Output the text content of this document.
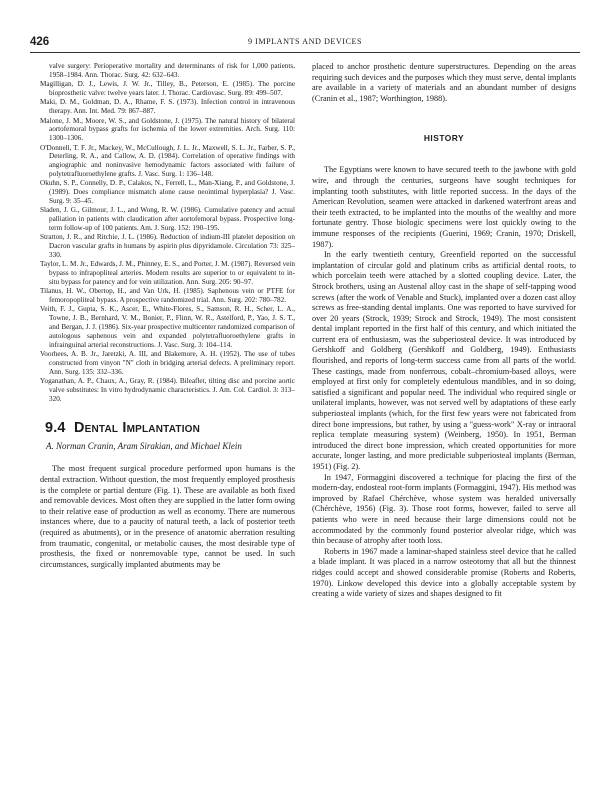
426	9 IMPLANTS AND DEVICES
valve surgery: Perioperative mortality and determinants of risk for 1,000 patients, 1958–1984. Ann. Thorac. Surg. 42: 632–643.
Magilligan, D. J., Lewis, J. W. Jr., Tilley, B., Peterson, E. (1985). The porcine bioprosthetic valve: twelve years later. J. Thorac. Cardiovasc. Surg. 89: 499–507.
Maki, D. M., Goldman, D. A., Rhame, F. S. (1973). Infection control in intravenous therapy. Ann. Int. Med. 79: 867–887.
Malone, J. M., Moore, W. S., and Goldstone, J. (1975). The natural history of bilateral aortofemoral bypass grafts for ischemia of the lower extremities. Arch. Surg. 110: 1300–1306.
O'Donnell, T. F. Jr., Mackey, W., McCullough, J. L. Jr., Maxwell, S. L. Jr., Farber, S. P., Deterling, R. A., and Callow, A. D. (1984). Correlation of operative findings with angiographic and noninvasive hemodynamic factors associated with failure of polytetrafluoroethylene grafts. J. Vasc. Surg. 1: 136–148.
Okuhn, S. P., Connelly, D. P., Calakos, N., Ferrell, L., Man-Xiang, P., and Goldstone, J. (1989). Does compliance mismatch alone cause neointimal hyperplasia? J. Vasc. Surg. 9: 35–45.
Sladen, J. G., Gilmour, J. L., and Wong, R. W. (1986). Cumulative patency and actual palliation in patients with claudication after aortofemoral bypass. Prospective long-term follow-up of 100 patients. Am. J. Surg. 152: 190–195.
Stratton, J. R., and Ritchie, J. L. (1986). Reduction of indium-III platelet deposition on Dacron vascular grafts in humans by aspirin plus dipyridamole. Circulation 73: 325–330.
Taylor, L. M. Jr., Edwards, J. M., Phinney, E. S., and Porter, J. M. (1987). Reversed vein bypass to infrapopliteal arteries. Modern results are superior to or equivalent to in-situ bypass for patency and for vein utilization. Ann. Surg. 205: 90–97.
Tilanus, H. W., Obertop, H., and Van Urk, H. (1985). Saphenous vein or PTFE for femoropopliteal bypass. A prospective randomized trial. Ann. Surg. 202: 780–782.
Veith, F. J., Gupta, S. K., Ascer, E., White-Flores, S., Samson, R. H., Scher, L. A., Towne, J. B., Bernhard, V. M., Bonier, P., Flinn, W. R., Astelford, P., Yao, J. S. T., and Bergan, J. J. (1986). Six-year prospective multicenter randomized comparison of autologous saphenous vein and expanded polytetrafluoroethylene grafts in infrainguinal arterial reconstructions. J. Vasc. Surg. 3: 104–114.
Voorhees, A. B. Jr., Jaretzki, A. III, and Blakemore, A. H. (1952). The use of tubes constructed from vinyon "N" cloth in bridging arterial defects. A preliminary report. Ann. Surg. 135: 332–336.
Yoganathan, A. P., Chaux, A., Gray, R. (1984). Bileaflet, tilting disc and porcine aortic valve substitutes: In vitro hydrodynamic characteristics. J. Am. Col. Cardiol. 3: 313–320.
9.4 Dental Implantation

A. Norman Cranin, Aram Sirakian, and Michael Klein

The most frequent surgical procedure performed upon humans is the dental extraction. Without question, the most frequently employed prosthesis is the complete or partial denture (Fig. 1). These are available as both fixed and removable devices. Most often they are supplied in the latter form owing to their relative ease of production as well as economy. There are numerous instances where, due to a paucity of natural teeth, a lack of posterior teeth (required as abutments), or in the presence of anatomic aberration resulting from traumatic, congenital, or metabolic causes, the most desirable type of prosthesis, the fixed or nonremovable type, cannot be used. In such circumstances, surgically implanted abutments may be

placed to anchor prosthetic denture superstructures. Depending on the areas requiring such devices and the purposes which they must serve, dental implants are available in a variety of materials and an abundant number of designs (Cranin et al., 1987; Worthington, 1988).

HISTORY

The Egyptians were known to have secured teeth to the jawbone with gold wire, and through the centuries, surgeons have sought techniques for implanting tooth substitutes, with little reported success. In the days of the American Revolution, seamen were attacked in darkened waterfront areas and their teeth extracted, to be implanted into the mouths of the wealthy and more fortunate gentry. Those biologic specimens were lost quickly owing to the immune responses of the recipients (Guerini, 1969; Cranin, 1970; Driskell, 1987).

In the early twentieth century, Greenfield reported on the successful implantation of circular gold and platinum cribs as artificial dental roots, to which porcelain teeth were attached by a slotted coupling device. Later, the Strock brothers, using an Austenal alloy cast in the shape of self-tapping wood screws (after the work of Venable and Stuck), implanted over a dozen cast alloy screws as free-standing dental implants. One was reported to have survived for over 20 years (Strock, 1939; Strock and Strock, 1949). The most consistent dental implant reported in the first half of this century, and which initiated the current era of enthusiasm, was the subperiosteal device. It was introduced by Gershkoff and Goldberg (Gershkoff and Goldberg, 1949). Enthusiasts flourished, and reports of long-term success came from all parts of the world. These castings, made from nonferrous, cobalt–chromium-based alloys, were employed at first only for completely edentulous mandibles, and in so doing, satisfied a significant and popular need. The individual who required single or unilateral implants, however, was not served well by adaptations of these early subperiosteal implants (which, for the first few years were not fabricated from direct bone impressions, but rather, by using a "guess-work" X-ray or intraoral replica template measuring system) (Weinberg, 1950). In 1951, Berman introduced the direct bone impression, which created opportunities for more accurate, longer lasting, and more predictable subperiosteal implants (Berman, 1951) (Fig. 2).

In 1947, Formaggini discovered a technique for placing the first of the modern-day, endosteal root-form implants (Formaggini, 1947). His method was improved by Rafael Chérchève, whose system was heralded universally (Chérchève, 1956) (Fig. 3). Those root forms, however, failed to serve all patients who were in need because their large dimensions could not be accommodated by the commonly found posterior alveolar ridge, which was thin because of atrophy after tooth loss.

Roberts in 1967 made a laminar-shaped stainless steel device that he called a blade implant. It was placed in a narrow osteotomy that all but the thinnest ridges could accept and showed considerable promise (Roberts and Roberts, 1970). Linkow developed this device into a globally acceptable system by creating a wide variety of sizes and shapes designed to fit
